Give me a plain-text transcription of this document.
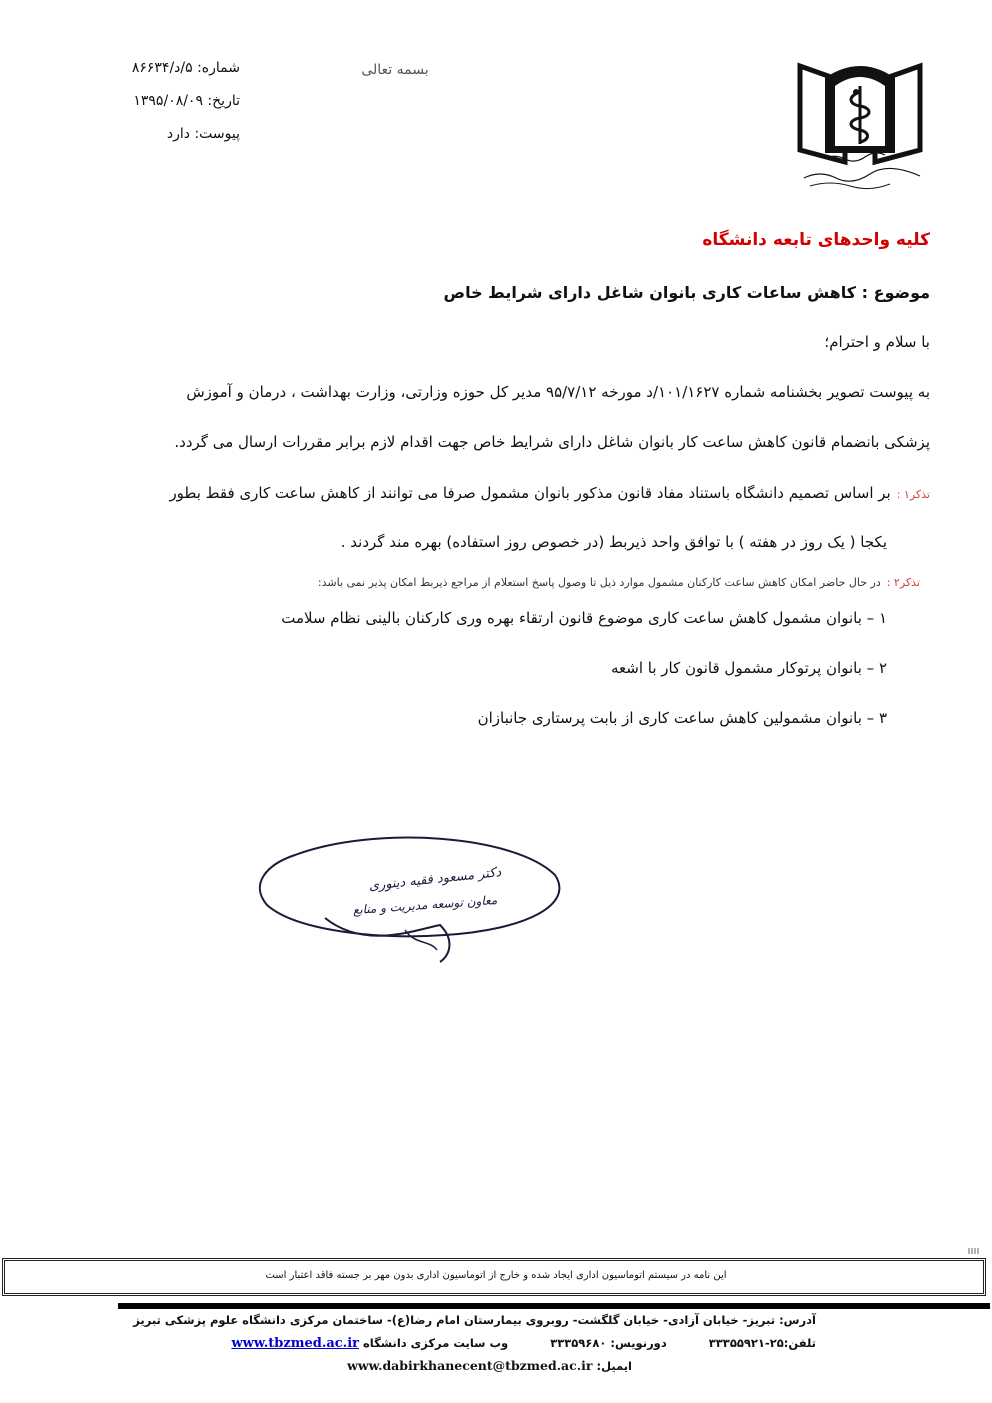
شماره: ۵/د/۸۶۶۳۴
تاریخ: ۱۳۹۵/۰۸/۰۹
پیوست: دارد
بسمه تعالی
کلیه واحدهای تابعه دانشگاه
موضوع : کاهش ساعات کاری بانوان شاغل دارای شرایط خاص
با سلام و احترام؛
به پیوست تصویر بخشنامه شماره ۱۰۱/۱۶۲۷/د مورخه ۹۵/۷/۱۲ مدیر کل حوزه وزارتی، وزارت بهداشت ، درمان و آموزش
پزشکی بانضمام قانون کاهش ساعت کار بانوان شاغل دارای شرایط خاص جهت اقدام لازم برابر مقررات ارسال می گردد.
تذکر۱ :بر اساس تصمیم دانشگاه باستناد مفاد قانون مذکور بانوان مشمول صرفا می توانند از کاهش ساعت کاری فقط بطور
یکجا ( یک روز در هفته ) با توافق واحد ذیربط (در خصوص روز استفاده) بهره مند گردند .
تذکر۲ :در حال حاضر امکان کاهش ساعت کارکنان مشمول موارد ذیل تا وصول پاسخ استعلام از مراجع ذیربط امکان پذیر نمی باشد:
۱ – بانوان مشمول کاهش ساعت کاری موضوع قانون ارتقاء بهره وری کارکنان بالینی نظام سلامت
۲ – بانوان پرتوکار مشمول قانون کار با اشعه
۳ – بانوان مشمولین کاهش ساعت کاری از بابت پرستاری جانبازان
دکتر مسعود فقیه دینوری
معاون توسعه مدیریت و منابع
این نامه در سیستم اتوماسیون اداری ایجاد شده و خارج از اتوماسیون اداری بدون مهر بر جسته فاقد اعتبار است
آدرس: تبریز- خیابان آزادی- خیابان گلگشت- روبروی بیمارستان امام رضا(ع)- ساختمان مرکزی دانشگاه علوم پزشکی تبریز
تلفن:۲۵-۳۳۳۵۵۹۲۱  دورنویس: ۳۳۳۵۹۶۸۰  وب سایت مرکزی دانشگاه www.tbzmed.ac.ir
ایمیل: www.dabirkhanecent@tbzmed.ac.ir
